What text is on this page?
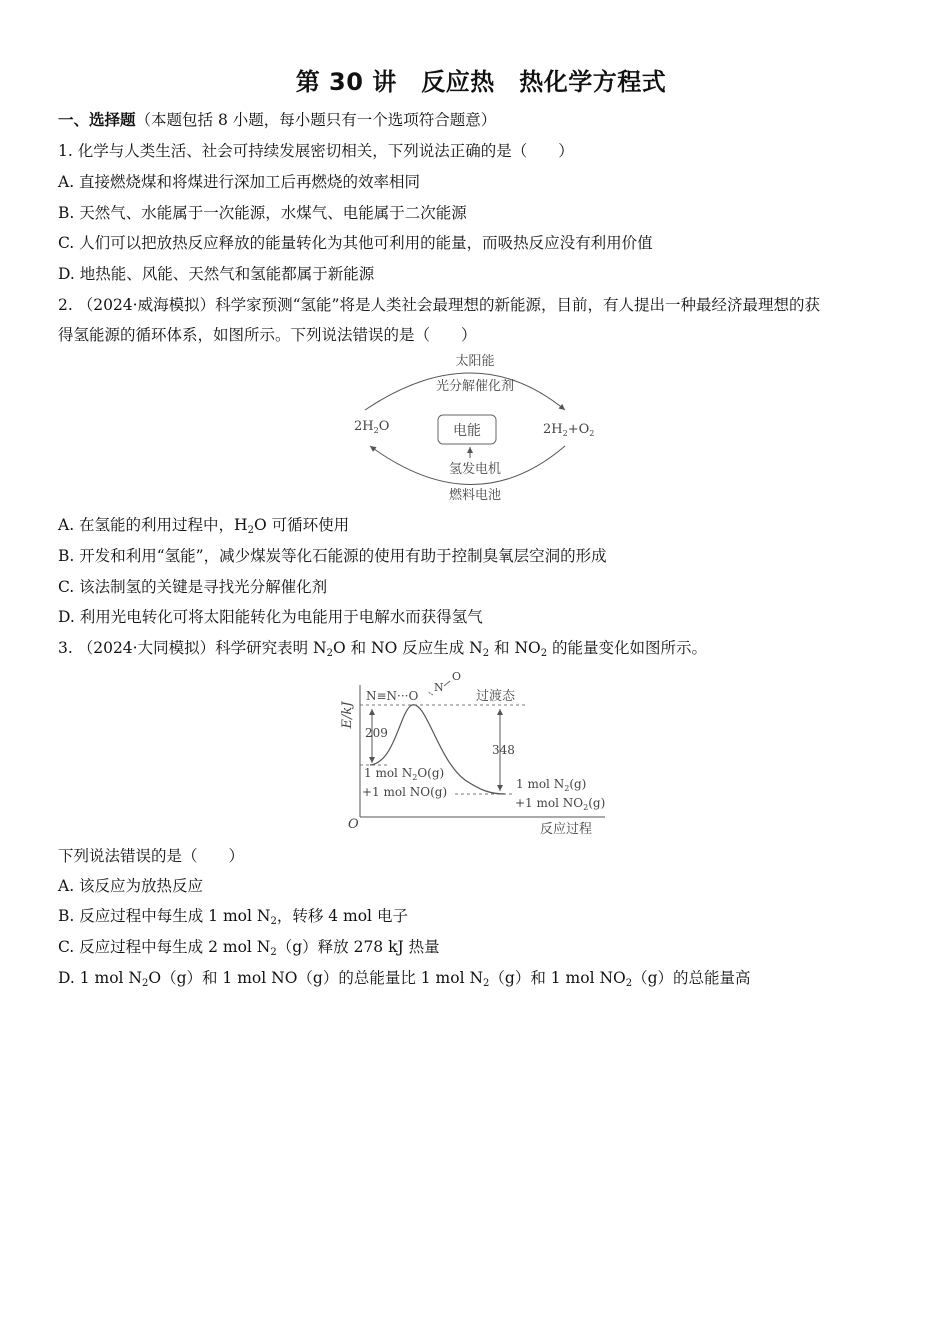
第 30 讲　反应热　热化学方程式
一、选择题（本题包括 8 小题，每小题只有一个选项符合题意）
1. 化学与人类生活、社会可持续发展密切相关，下列说法正确的是（　　）
A. 直接燃烧煤和将煤进行深加工后再燃烧的效率相同
B. 天然气、水能属于一次能源，水煤气、电能属于二次能源
C. 人们可以把放热反应释放的能量转化为其他可利用的能量，而吸热反应没有利用价值
D. 地热能、风能、天然气和氢能都属于新能源
2. （2024·威海模拟）科学家预测“氢能”将是人类社会最理想的新能源，目前，有人提出一种最经济最理想的获
得氢能源的循环体系，如图所示。下列说法错误的是（　　）
太阳能
光分解催化剂
$2H_2O$	$2H_2+O_2$
电能
氢发电机
燃料电池
A. 在氢能的利用过程中，$H_2O$ 可循环使用
B. 开发和利用“氢能”，减少煤炭等化石能源的使用有助于控制臭氧层空洞的形成
C. 该法制氢的关键是寻找光分解催化剂
D. 利用光电转化可将太阳能转化为电能用于电解水而获得氢气
3. （2024·大同模拟）科学研究表明 $N_2O$ 和 NO 反应生成 $N_2$ 和 $NO_2$ 的能量变化如图所示。
E/kJ
O	反应过程
209
348
N≡N···O
N
O
过渡态
1 mol $N_2O(g)$
+1 mol NO(g)
1 mol $N_2(g)$
+1 mol $NO_2(g)$
下列说法错误的是（　　）
A. 该反应为放热反应
B. 反应过程中每生成 1 mol $N_2$，转移 4 mol 电子
C. 反应过程中每生成 2 mol $N_2(g)$释放 278 kJ 热量
D. 1 mol $N_2O(g)$和 1 mol NO（g）的总能量比 1 mol $N_2(g)$和 1 mol $NO_2(g)$的总能量高
